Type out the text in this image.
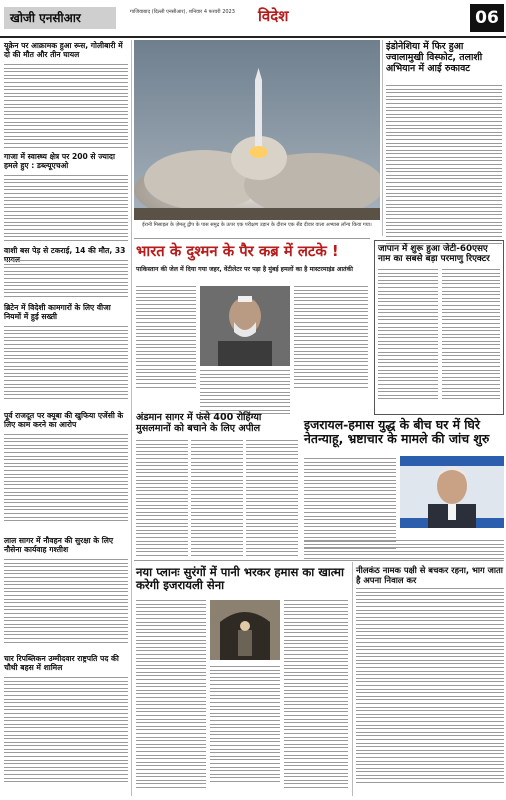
खोजी एनसीआर	गाजियाबाद (दिल्ली एनसीआर), शनिवार 4 फरवरी 2023	विदेश	06
यूक्रेन पर आक्रामक हुआ रूस, गोलीबारी में दो की मौत और तीन घायल
गाजा में स्वास्थ्य क्षेत्र पर 200 से ज्यादा हमले हुए : डब्ल्यूएचओ
वाशी बस पेड़ से टकराई, 14 की मौत, 33
ब्रिटेन में विदेशी कामगारों के लिए वीजा नियमों में हुई सख्ती
पूर्व राजदूत पर क्यूबा की खुफिया एजेंसी के लिए काम करने का आरोप
लाल सागर में नौवहन की सुरक्षा के लिए नौसेना कार्यवाह गश्तीश
चार रिपब्लिकन उम्मीदवार राष्ट्रपति पद की चौथी बहस में शामिल
ईरानी मिसाइल के ज़ेमलू द्वीप के पास समुद्र के ऊपर एक परीक्षण उड़ान के दौरान एक सैंड दीवार वाला अभ्यास लॉन्च किया गया।
इंडोनेशिया में फिर हुआ ज्वालामुखी विस्फोट, तलाशी अभियान में आई रुकावट
भारत के दुश्मन के पैर कब्र में लटके !
पाकिस्तान की जेल में दिया गया जहर, वेंटीलेटर पर पड़ा है मुंबई हमलों का है मास्टरमाइंड आतंकी
जापान में शुरू हुआ जेटी-60एसए नाम का सबसे बड़ा परमाणु रिएक्टर
अंडमान सागर में फंसे 400 रोहिंग्या मुसलमानों को बचाने के लिए अपील	इजरायल-हमास युद्ध के बीच घर में घिरे नेतन्याहू, भ्रष्टाचार के मामले की जांच शुरु
नया प्लानः सुरंगों में पानी भरकर हमास का खात्मा करेगी इजरायली सेना
नीलकंठ नामक पक्षी से बचकर रहना, भाग जाता है अपना निवाल कर
